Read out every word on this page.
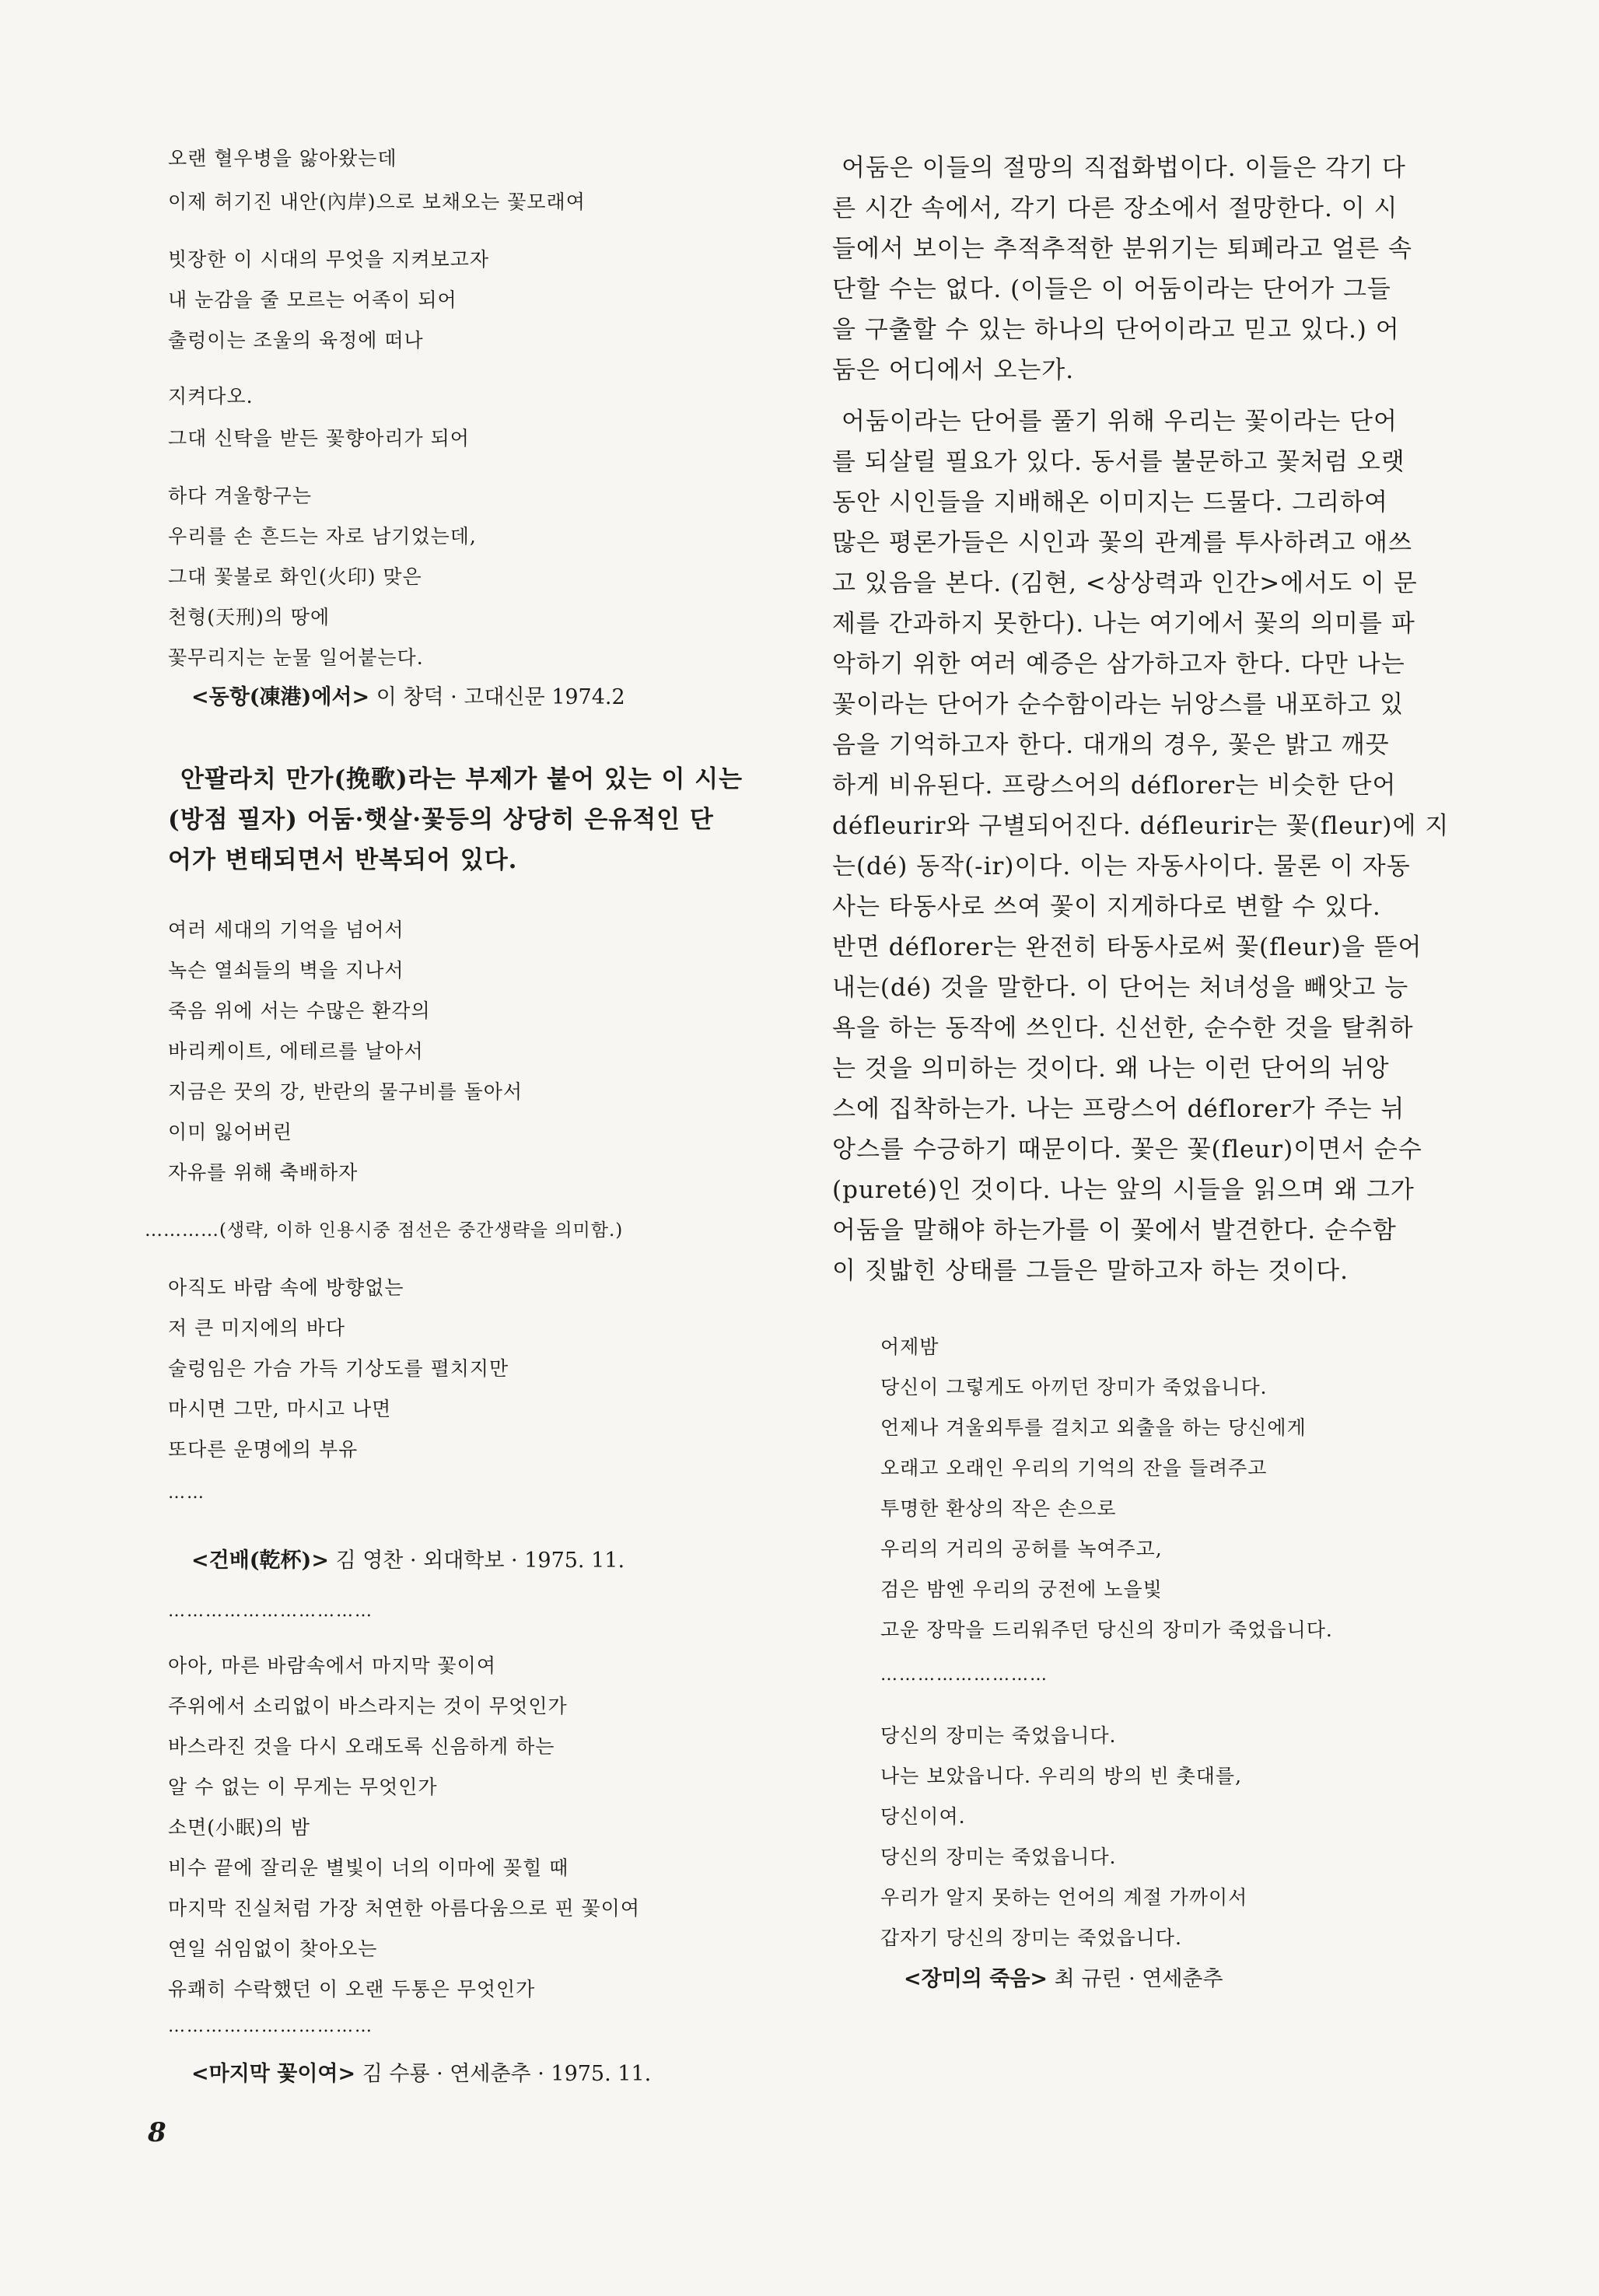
오랜 혈우병을 앓아왔는데
이제 허기진 내안(內岸)으로 보채오는 꽃모래여
빗장한 이 시대의 무엇을 지켜보고자
내 눈감을 줄 모르는 어족이 되어
출렁이는 조울의 육정에 떠나
지켜다오.
그대 신탁을 받든 꽃향아리가 되어
하다 겨울항구는
우리를 손 흔드는 자로 남기었는데,
그대 꽃불로 화인(火印) 맞은
천형(天刑)의 땅에
꽃무리지는 눈물 일어붙는다.
<동항(凍港)에서> 이 창덕 · 고대신문 1974.2
안팔라치 만가(挽歌)라는 부제가 붙어 있는 이 시는
(방점 필자) 어둠·햇살·꽃등의 상당히 은유적인 단
어가 변태되면서 반복되어 있다.
여러 세대의 기억을 넘어서
녹슨 열쇠들의 벽을 지나서
죽음 위에 서는 수많은 환각의
바리케이트, 에테르를 날아서
지금은 꿋의 강, 반란의 물구비를 돌아서
이미 잃어버린
자유를 위해 축배하자
…………(생략, 이하 인용시중 점선은 중간생략을 의미함.)
아직도 바람 속에 방향없는
저 큰 미지에의 바다
술렁임은 가슴 가득 기상도를 펼치지만
마시면 그만, 마시고 나면
또다른 운명에의 부유
……
<건배(乾杯)> 김 영찬 · 외대학보 · 1975. 11.
……………………………
아아, 마른 바람속에서 마지막 꽃이여
주위에서 소리없이 바스라지는 것이 무엇인가
바스라진 것을 다시 오래도록 신음하게 하는
알 수 없는 이 무게는 무엇인가
소면(小眠)의 밤
비수 끝에 잘리운 별빛이 너의 이마에 꽂힐 때
마지막 진실처럼 가장 처연한 아름다움으로 핀 꽃이여
연일 쉬임없이 찾아오는
유쾌히 수락했던 이 오랜 두통은 무엇인가
……………………………
<마지막 꽃이여> 김 수룡 · 연세춘추 · 1975. 11.
어둠은 이들의 절망의 직접화법이다. 이들은 각기 다
른 시간 속에서, 각기 다른 장소에서 절망한다. 이 시
들에서 보이는 추적추적한 분위기는 퇴폐라고 얼른 속
단할 수는 없다. (이들은 이 어둠이라는 단어가 그들
을 구출할 수 있는 하나의 단어이라고 믿고 있다.) 어
둠은 어디에서 오는가.
어둠이라는 단어를 풀기 위해 우리는 꽃이라는 단어
를 되살릴 필요가 있다. 동서를 불문하고 꽃처럼 오랫
동안 시인들을 지배해온 이미지는 드물다. 그리하여
많은 평론가들은 시인과 꽃의 관계를 투사하려고 애쓰
고 있음을 본다. (김현, <상상력과 인간>에서도 이 문
제를 간과하지 못한다). 나는 여기에서 꽃의 의미를 파
악하기 위한 여러 예증은 삼가하고자 한다. 다만 나는
꽃이라는 단어가 순수함이라는 뉘앙스를 내포하고 있
음을 기억하고자 한다. 대개의 경우, 꽃은 밝고 깨끗
하게 비유된다. 프랑스어의 déflorer는 비슷한 단어
défleurir와 구별되어진다. défleurir는 꽃(fleur)에 지
는(dé) 동작(-ir)이다. 이는 자동사이다. 물론 이 자동
사는 타동사로 쓰여 꽃이 지게하다로 변할 수 있다.
반면 déflorer는 완전히 타동사로써 꽃(fleur)을 뜯어
내는(dé) 것을 말한다. 이 단어는 처녀성을 빼앗고 능
욕을 하는 동작에 쓰인다. 신선한, 순수한 것을 탈취하
는 것을 의미하는 것이다. 왜 나는 이런 단어의 뉘앙
스에 집착하는가. 나는 프랑스어 déflorer가 주는 뉘
앙스를 수긍하기 때문이다. 꽃은 꽃(fleur)이면서 순수
(pureté)인 것이다. 나는 앞의 시들을 읽으며 왜 그가
어둠을 말해야 하는가를 이 꽃에서 발견한다. 순수함
이 짓밟힌 상태를 그들은 말하고자 하는 것이다.
어제밤
당신이 그렇게도 아끼던 장미가 죽었읍니다.
언제나 겨울외투를 걸치고 외출을 하는 당신에게
오래고 오래인 우리의 기억의 잔을 들려주고
투명한 환상의 작은 손으로
우리의 거리의 공허를 녹여주고,
검은 밤엔 우리의 궁전에 노을빛
고운 장막을 드리워주던 당신의 장미가 죽었읍니다.
………………………
당신의 장미는 죽었읍니다.
나는 보았읍니다. 우리의 방의 빈 촛대를,
당신이여.
당신의 장미는 죽었읍니다.
우리가 알지 못하는 언어의 계절 가까이서
갑자기 당신의 장미는 죽었읍니다.
<장미의 죽음> 최 규린 · 연세춘추
8
